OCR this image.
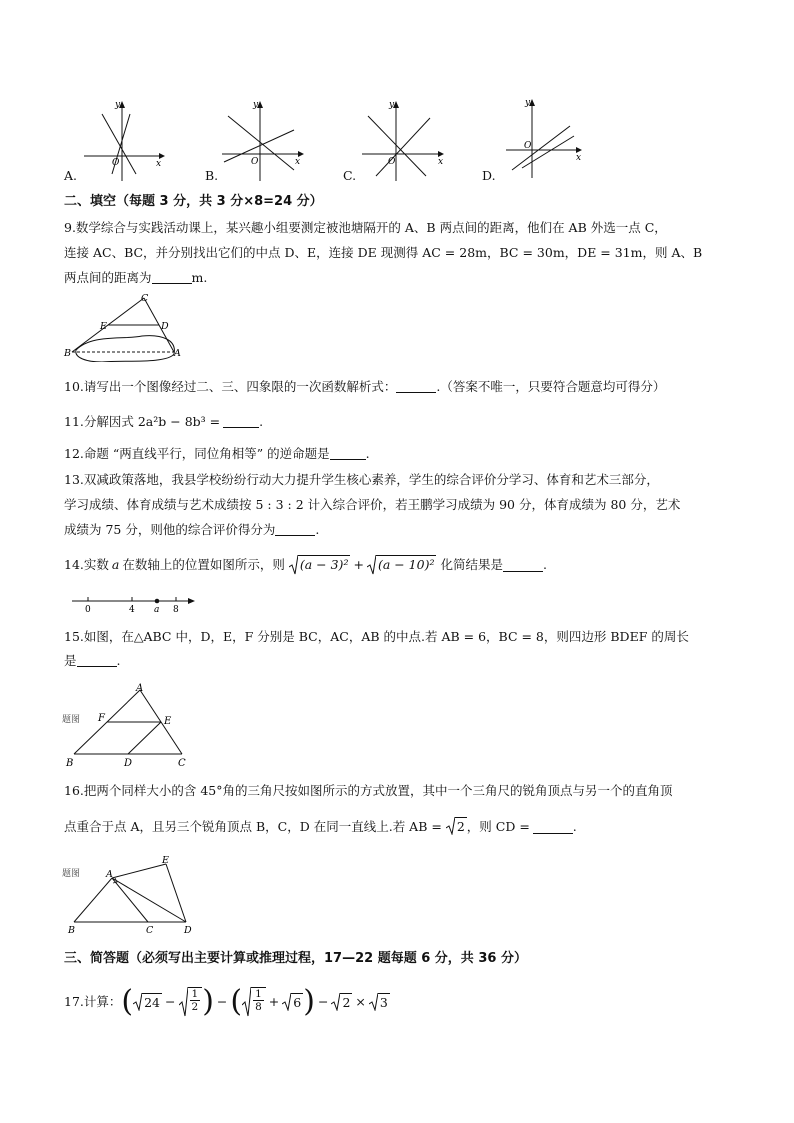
y
x
O
y
x
O
y
x
O
y
x
O
A.	B.	C.	D.
二、填空（每题 3 分，共 3 分×8=24 分）
9.数学综合与实践活动课上，某兴趣小组要测定被池塘隔开的 A、B 两点间的距离，他们在 AB 外选一点 C，
连接 AC、BC，并分别找出它们的中点 D、E，连接 DE 现测得 AC = 28m，BC = 30m，DE = 31m，则 A、B
两点间的距离为	m.
C
E	D
B	A
10.请写出一个图像经过二、三、四象限的一次函数解析式：	.（答案不唯一，只要符合题意均可得分）
11.分解因式 2a²b − 8b³ =	.
12.命题 “两直线平行，同位角相等” 的逆命题是	.
13.双减政策落地，我县学校纷纷行动大力提升学生核心素养，学生的综合评价分学习、体育和艺术三部分，
学习成绩、体育成绩与艺术成绩按 5 : 3 : 2 计入综合评价，若王鹏学习成绩为 90 分，体育成绩为 80 分，艺术
成绩为 75 分，则他的综合评价得分为	.
14.实数 a 在数轴上的位置如图所示，则 (a − 3)² + (a − 10)² 化简结果是	.
0	4 a 8
15.如图，在△ABC 中，D，E，F 分别是 BC，AC，AB 的中点.若 AB = 6，BC = 8，则四边形 BDEF 的周长
是	.
A
F	E
B	D	C
题图
16.把两个同样大小的含 45°角的三角尺按如图所示的方式放置，其中一个三角尺的锐角顶点与另一个的直角顶
点重合于点 A，且另三个锐角顶点 B，C，D 在同一直线上.若 AB = 2 ，则 CD =	.
E
A
B	C	D
题图
三、简答题（必须写出主要计算或推理过程，17—22 题每题 6 分，共 36 分）
17.计算： ( $24 - \frac{1}{2}$ ) − ( $\frac{1}{8} + 6$ ) − 2 × 3
